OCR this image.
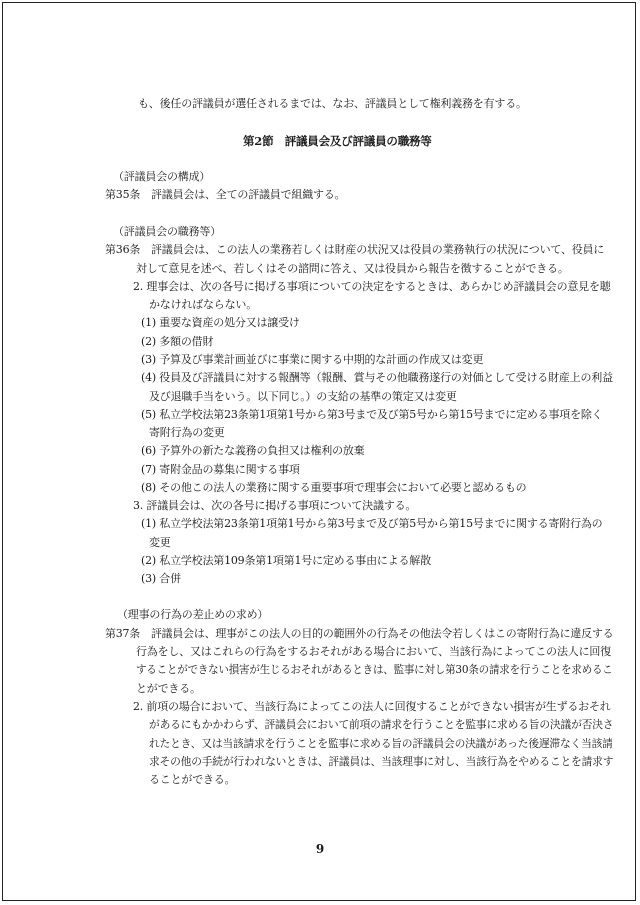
も、後任の評議員が選任されるまでは、なお、評議員として権利義務を有する。
第2節　評議員会及び評議員の職務等
（評議員会の構成）
第35条　評議員会は、全ての評議員で組織する。
（評議員会の職務等）
第36条　評議員会は、この法人の業務若しくは財産の状況又は役員の業務執行の状況について、役員に
対して意見を述べ、若しくはその諮問に答え、又は役員から報告を徴することができる。
2. 理事会は、次の各号に掲げる事項についての決定をするときは、あらかじめ評議員会の意見を聴
かなければならない。
(1) 重要な資産の処分又は譲受け
(2) 多額の借財
(3) 予算及び事業計画並びに事業に関する中期的な計画の作成又は変更
(4) 役員及び評議員に対する報酬等（報酬、賞与その他職務遂行の対価として受ける財産上の利益
及び退職手当をいう。以下同じ。）の支給の基準の策定又は変更
(5) 私立学校法第23条第1項第1号から第3号まで及び第5号から第15号までに定める事項を除く
寄附行為の変更
(6) 予算外の新たな義務の負担又は権利の放棄
(7) 寄附金品の募集に関する事項
(8) その他この法人の業務に関する重要事項で理事会において必要と認めるもの
3. 評議員会は、次の各号に掲げる事項について決議する。
(1) 私立学校法第23条第1項第1号から第3号まで及び第5号から第15号までに関する寄附行為の
変更
(2) 私立学校法第109条第1項第1号に定める事由による解散
(3) 合併
（理事の行為の差止めの求め）
第37条　評議員会は、理事がこの法人の目的の範囲外の行為その他法令若しくはこの寄附行為に違反する
行為をし、又はこれらの行為をするおそれがある場合において、当該行為によってこの法人に回復
することができない損害が生じるおそれがあるときは、監事に対し第30条の請求を行うことを求めるこ
とができる。
2. 前項の場合において、当該行為によってこの法人に回復することができない損害が生ずるおそれ
があるにもかかわらず、評議員会において前項の請求を行うことを監事に求める旨の決議が否決さ
れたとき、又は当該請求を行うことを監事に求める旨の評議員会の決議があった後遅滞なく当該請
求その他の手続が行われないときは、評議員は、当該理事に対し、当該行為をやめることを請求す
ることができる。
9
